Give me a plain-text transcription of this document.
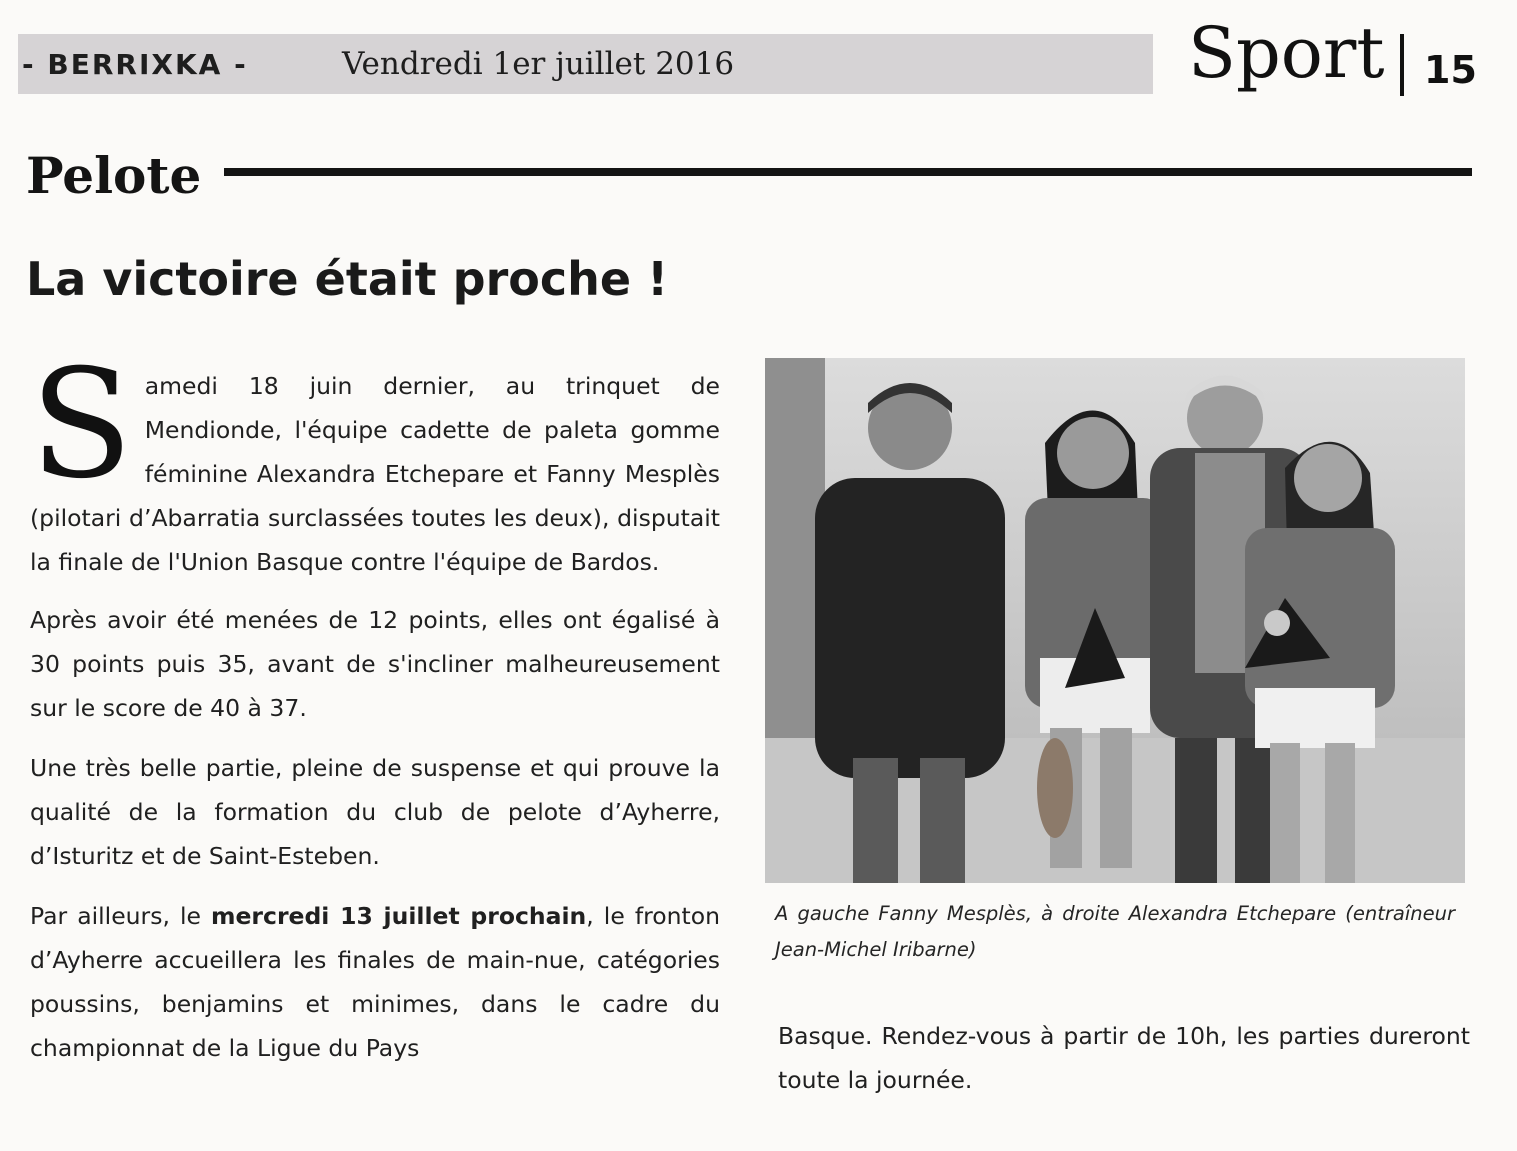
- BERRIXKA -	Vendredi 1er juillet 2016	Sport 15
Pelote
La victoire était proche !

Samedi 18 juin dernier, au trinquet de Mendionde, l'équipe cadette de paleta gomme féminine Alexandra Etchepare et Fanny Mesplès (pilotari d’Abarratia surclassées toutes les deux), disputait la finale de l'Union Basque contre l'équipe de Bardos.

Après avoir été menées de 12 points, elles ont égalisé à 30 points puis 35, avant de s'incliner malheureusement sur le score de 40 à 37.

Une très belle partie, pleine de suspense et qui prouve la qualité de la formation du club de pelote d’Ayherre, d’Isturitz et de Saint-Esteben.

Par ailleurs, le mercredi 13 juillet prochain, le fronton d’Ayherre accueillera les finales de main-nue, catégories poussins, benjamins et minimes, dans le cadre du championnat de la Ligue du Pays

A gauche Fanny Mesplès, à droite Alexandra Etchepare (entraîneur Jean-Michel Iribarne)
Basque. Rendez-vous à partir de 10h, les parties dureront toute la journée.
